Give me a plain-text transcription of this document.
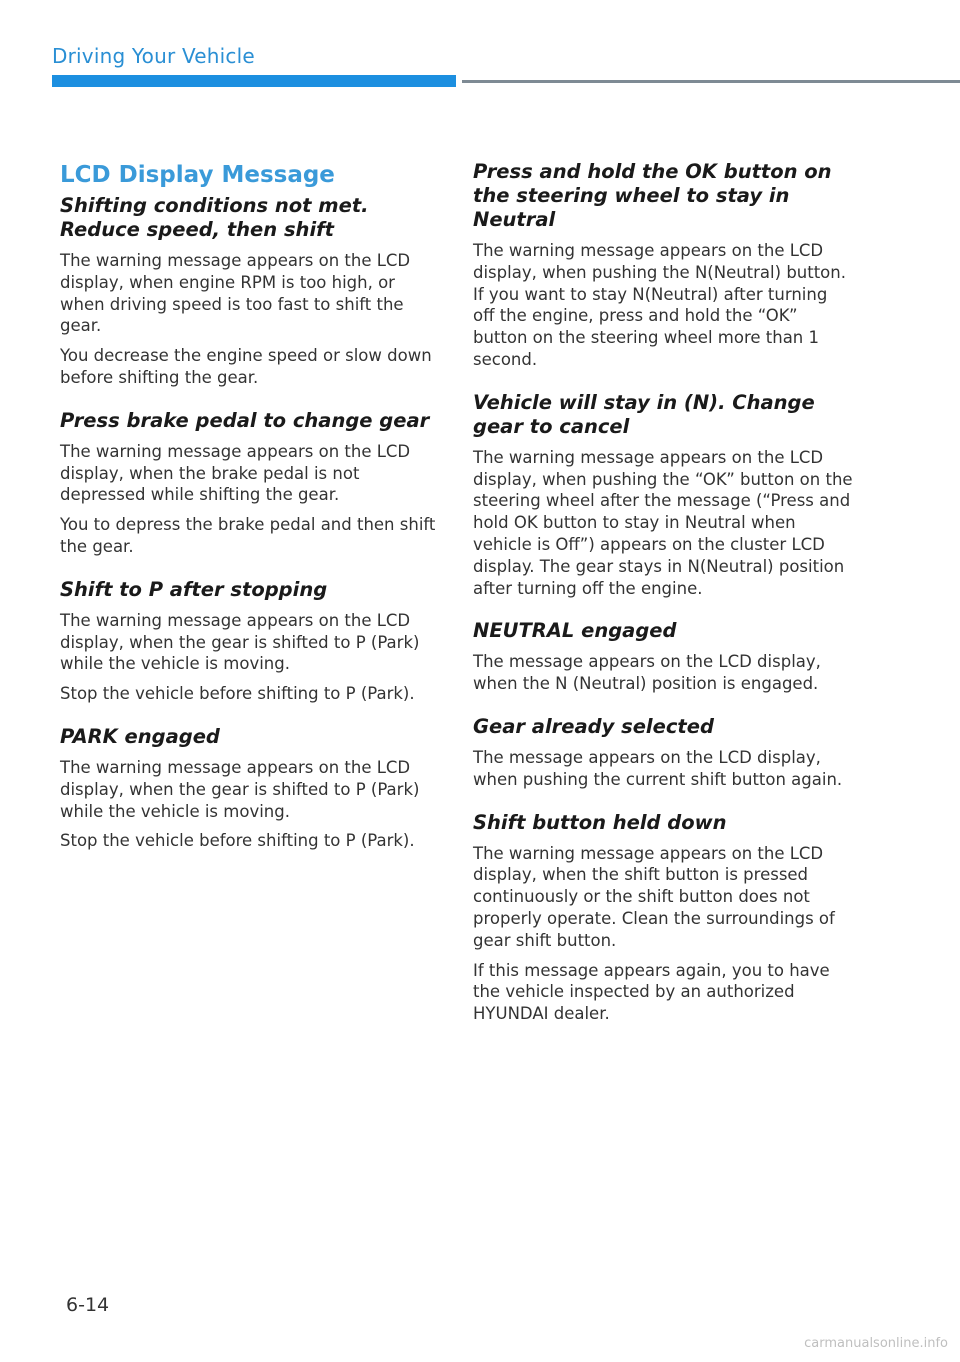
Driving Your Vehicle
LCD Display Message
Shifting conditions not met. Reduce speed, then shift
The warning message appears on the LCD display, when engine RPM is too high, or when driving speed is too fast to shift the gear.
You decrease the engine speed or slow down before shifting the gear.
Press brake pedal to change gear
The warning message appears on the LCD display, when the brake pedal is not depressed while shifting the gear.
You to depress the brake pedal and then shift the gear.
Shift to P after stopping
The warning message appears on the LCD display, when the gear is shifted to P (Park) while the vehicle is moving.
Stop the vehicle before shifting to P (Park).
PARK engaged
The warning message appears on the LCD display, when the gear is shifted to P (Park) while the vehicle is moving.
Stop the vehicle before shifting to P (Park).
Press and hold the OK button on the steering wheel to stay in Neutral
The warning message appears on the LCD display, when pushing the N(Neutral) button. If you want to stay N(Neutral) after turning off the engine, press and hold the “OK” button on the steering wheel more than 1 second.
Vehicle will stay in (N). Change gear to cancel
The warning message appears on the LCD display, when pushing the “OK” button on the steering wheel after the message (“Press and hold OK button to stay in Neutral when vehicle is Off”) appears on the cluster LCD display. The gear stays in N(Neutral) position after turning off the engine.
NEUTRAL engaged
The message appears on the LCD display, when the N (Neutral) position is engaged.
Gear already selected
The message appears on the LCD display, when pushing the current shift button again.
Shift button held down
The warning message appears on the LCD display, when the shift button is pressed continuously or the shift button does not properly operate. Clean the surroundings of gear shift button.
If this message appears again, you to have the vehicle inspected by an authorized HYUNDAI dealer.
6-14
carmanualsonline.info
